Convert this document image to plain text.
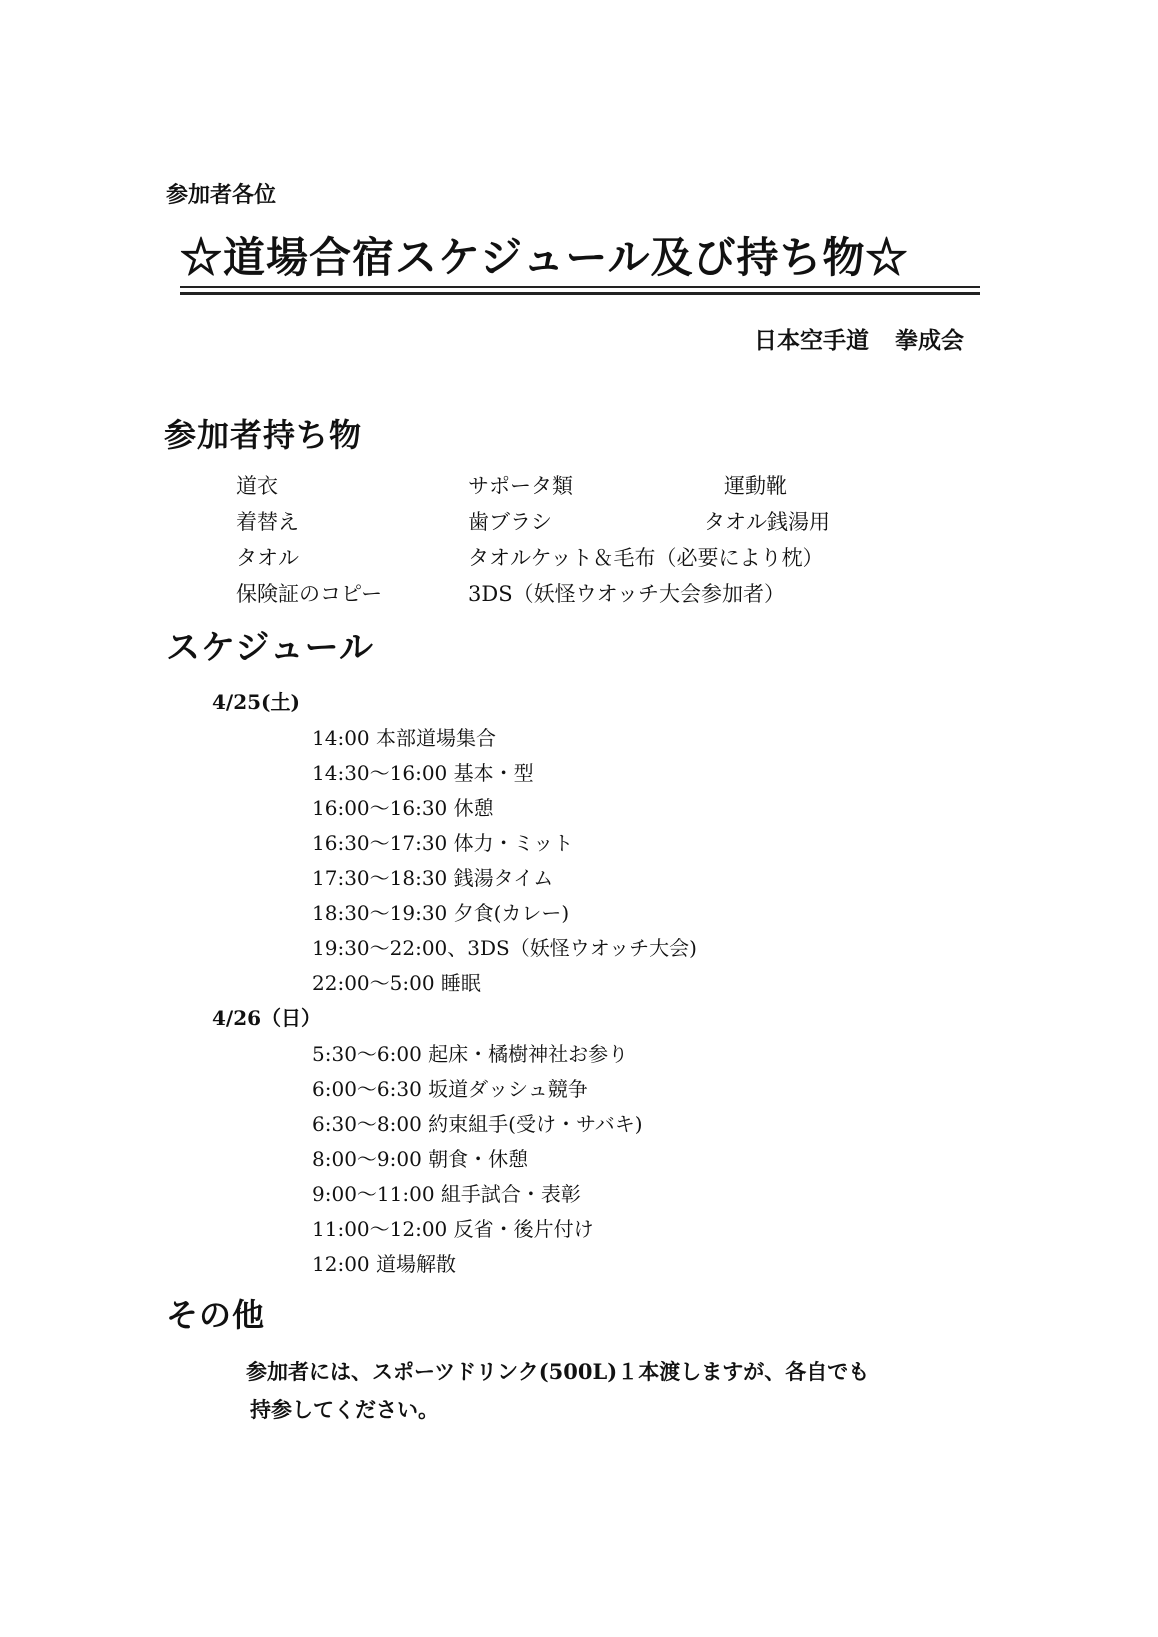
参加者各位
☆道場合宿スケジュール及び持ち物☆
日本空手道 拳成会
参加者持ち物
道衣	サポータ類	運動靴
着替え	歯ブラシ	タオル銭湯用
タオル	タオルケット＆毛布（必要により枕）
保険証のコピー	3DS（妖怪ウオッチ大会参加者）
スケジュール
4/25(土)
14:00 本部道場集合
14:30～16:00 基本・型
16:00～16:30 休憩
16:30～17:30 体力・ミット
17:30～18:30 銭湯タイム
18:30～19:30 夕食(カレー)
19:30～22:00、3DS（妖怪ウオッチ大会)
22:00～5:00 睡眠
4/26（日）
5:30～6:00 起床・橘樹神社お参り
6:00～6:30 坂道ダッシュ競争
6:30～8:00 約束組手(受け・サバキ)
8:00～9:00 朝食・休憩
9:00～11:00 組手試合・表彰
11:00～12:00 反省・後片付け
12:00 道場解散
その他
参加者には、スポーツドリンク(500L)１本渡しますが、各自でも
持参してください。
